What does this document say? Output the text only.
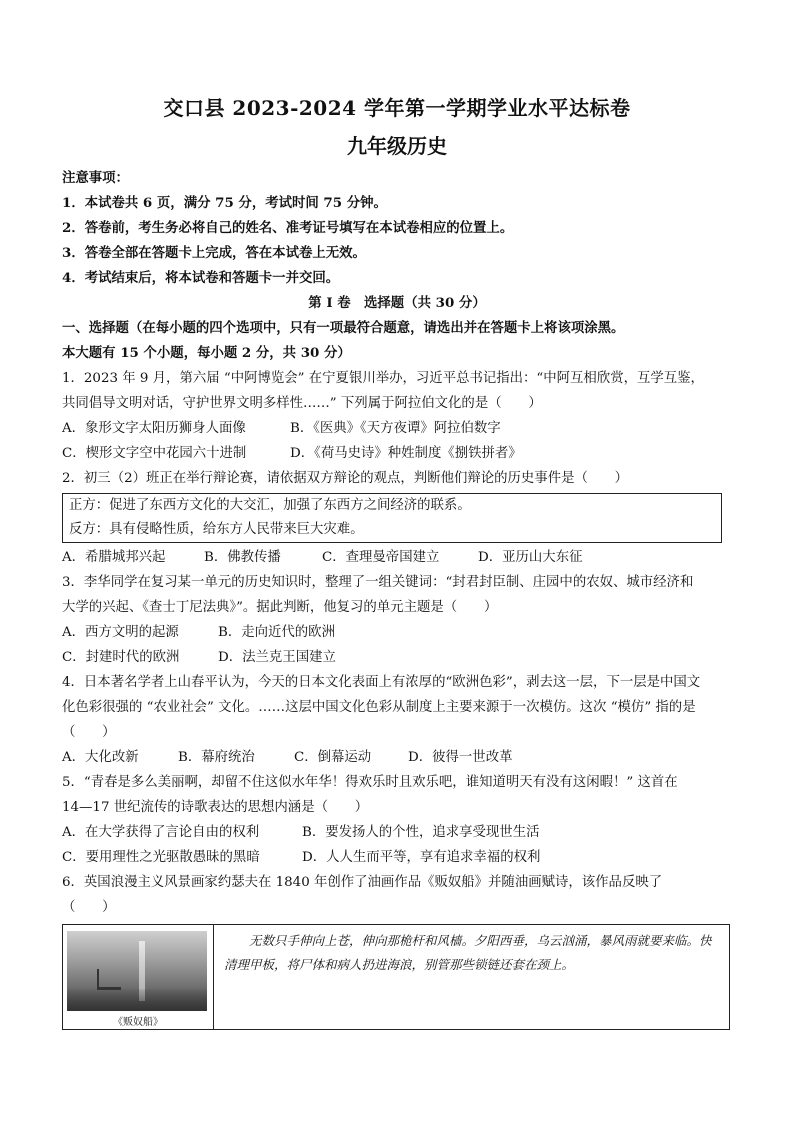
交口县 2023-2024 学年第一学期学业水平达标卷
九年级历史
注意事项：
1．本试卷共 6 页，满分 75 分，考试时间 75 分钟。
2．答卷前，考生务必将自己的姓名、准考证号填写在本试卷相应的位置上。
3．答卷全部在答题卡上完成，答在本试卷上无效。
4．考试结束后，将本试卷和答题卡一并交回。
第 I 卷　选择题（共 30 分）
一、选择题（在每小题的四个选项中，只有一项最符合题意，请选出并在答题卡上将该项涂黑。
本大题有 15 个小题，每小题 2 分，共 30 分）
1．2023 年 9 月，第六届 “中阿博览会” 在宁夏银川举办，习近平总书记指出：“中阿互相欣赏，互学互鉴，
共同倡导文明对话，守护世界文明多样性……” 下列属于阿拉伯文化的是（　　）
A．象形文字太阳历狮身人面像	B．《医典》《天方夜谭》阿拉伯数字
C．楔形文字空中花园六十进制	D．《荷马史诗》种姓制度《捌铁拼者》
2．初三（2）班正在举行辩论赛，请依据双方辩论的观点，判断他们辩论的历史事件是（　　）
正方：促进了东西方文化的大交汇，加强了东西方之间经济的联系。
反方：具有侵略性质，给东方人民带来巨大灾难。
A．希腊城邦兴起	B．佛教传播	C．查理曼帝国建立	D．亚历山大东征
3．李华同学在复习某一单元的历史知识时，整理了一组关键词：“封君封臣制、庄园中的农奴、城市经济和
大学的兴起、《查士丁尼法典》”。据此判断，他复习的单元主题是（　　）
A．西方文明的起源	B．走向近代的欧洲
C．封建时代的欧洲	D．法兰克王国建立
4．日本著名学者上山春平认为，今天的日本文化表面上有浓厚的“欧洲色彩”，剥去这一层，下一层是中国文
化色彩很强的 “农业社会” 文化。……这层中国文化色彩从制度上主要来源于一次模仿。这次 “模仿” 指的是
（　　）
A．大化改新	B．幕府统治	C．倒幕运动	D．彼得一世改革
5．“青春是多么美丽啊，却留不住这似水年华！得欢乐时且欢乐吧，谁知道明天有没有这闲暇！” 这首在
14—17 世纪流传的诗歌表达的思想内涵是（　　）
A．在大学获得了言论自由的权利	B．要发扬人的个性，追求享受现世生活
C．要用理性之光驱散愚昧的黑暗	D．人人生而平等，享有追求幸福的权利
6．英国浪漫主义风景画家约瑟夫在 1840 年创作了油画作品《贩奴船》并随油画赋诗，该作品反映了
（　　）
《贩奴船》

无数只手伸向上苍，伸向那桅杆和风樯。夕阳西垂，乌云汹涌，暴风雨就要来临。快清理甲板，将尸体和病人扔进海浪，别管那些锁链还套在颈上。
